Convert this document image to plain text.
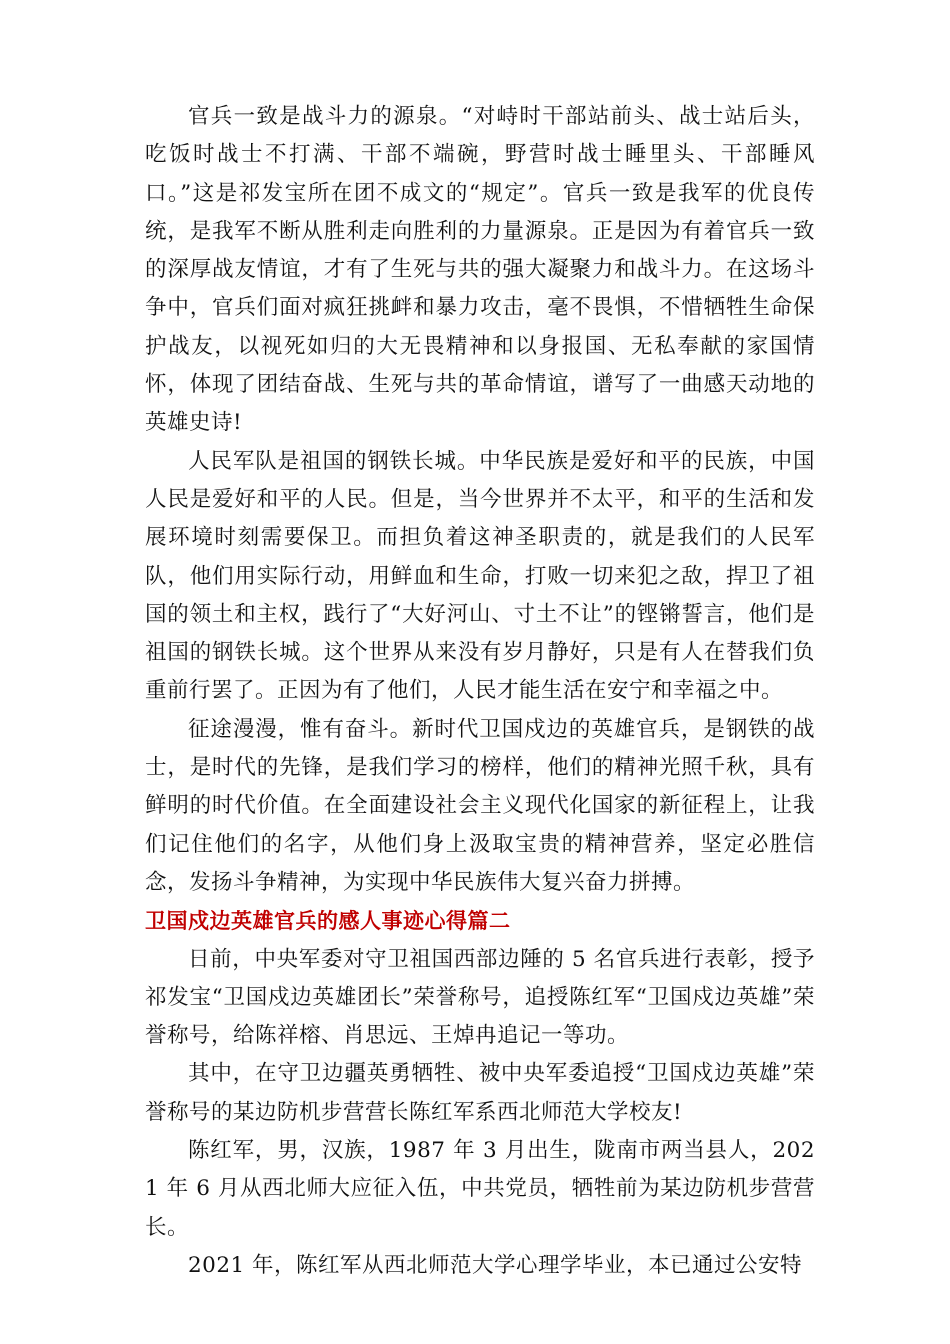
官兵一致是战斗力的源泉。“对峙时干部站前头、战士站后头，吃饭时战士不打满、干部不端碗，野营时战士睡里头、干部睡风口。”这是祁发宝所在团不成文的“规定”。官兵一致是我军的优良传统，是我军不断从胜利走向胜利的力量源泉。正是因为有着官兵一致的深厚战友情谊，才有了生死与共的强大凝聚力和战斗力。在这场斗争中，官兵们面对疯狂挑衅和暴力攻击，毫不畏惧，不惜牺牲生命保护战友，以视死如归的大无畏精神和以身报国、无私奉献的家国情怀，体现了团结奋战、生死与共的革命情谊，谱写了一曲感天动地的英雄史诗!

人民军队是祖国的钢铁长城。中华民族是爱好和平的民族，中国人民是爱好和平的人民。但是，当今世界并不太平，和平的生活和发展环境时刻需要保卫。而担负着这神圣职责的，就是我们的人民军队，他们用实际行动，用鲜血和生命，打败一切来犯之敌，捍卫了祖国的领土和主权，践行了“大好河山、寸土不让”的铿锵誓言，他们是祖国的钢铁长城。这个世界从来没有岁月静好，只是有人在替我们负重前行罢了。正因为有了他们，人民才能生活在安宁和幸福之中。

征途漫漫，惟有奋斗。新时代卫国戍边的英雄官兵，是钢铁的战士，是时代的先锋，是我们学习的榜样，他们的精神光照千秋，具有鲜明的时代价值。在全面建设社会主义现代化国家的新征程上，让我们记住他们的名字，从他们身上汲取宝贵的精神营养，坚定必胜信念，发扬斗争精神，为实现中华民族伟大复兴奋力拼搏。

卫国戍边英雄官兵的感人事迹心得篇二

日前，中央军委对守卫祖国西部边陲的 5 名官兵进行表彰，授予祁发宝“卫国戍边英雄团长”荣誉称号，追授陈红军“卫国戍边英雄”荣誉称号，给陈祥榕、肖思远、王焯冉追记一等功。

其中，在守卫边疆英勇牺牲、被中央军委追授“卫国戍边英雄”荣誉称号的某边防机步营营长陈红军系西北师范大学校友!

陈红军，男，汉族，1987 年 3 月出生，陇南市两当县人，2021 年 6 月从西北师大应征入伍，中共党员，牺牲前为某边防机步营营长。

2021 年，陈红军从西北师范大学心理学毕业，本已通过公安特
